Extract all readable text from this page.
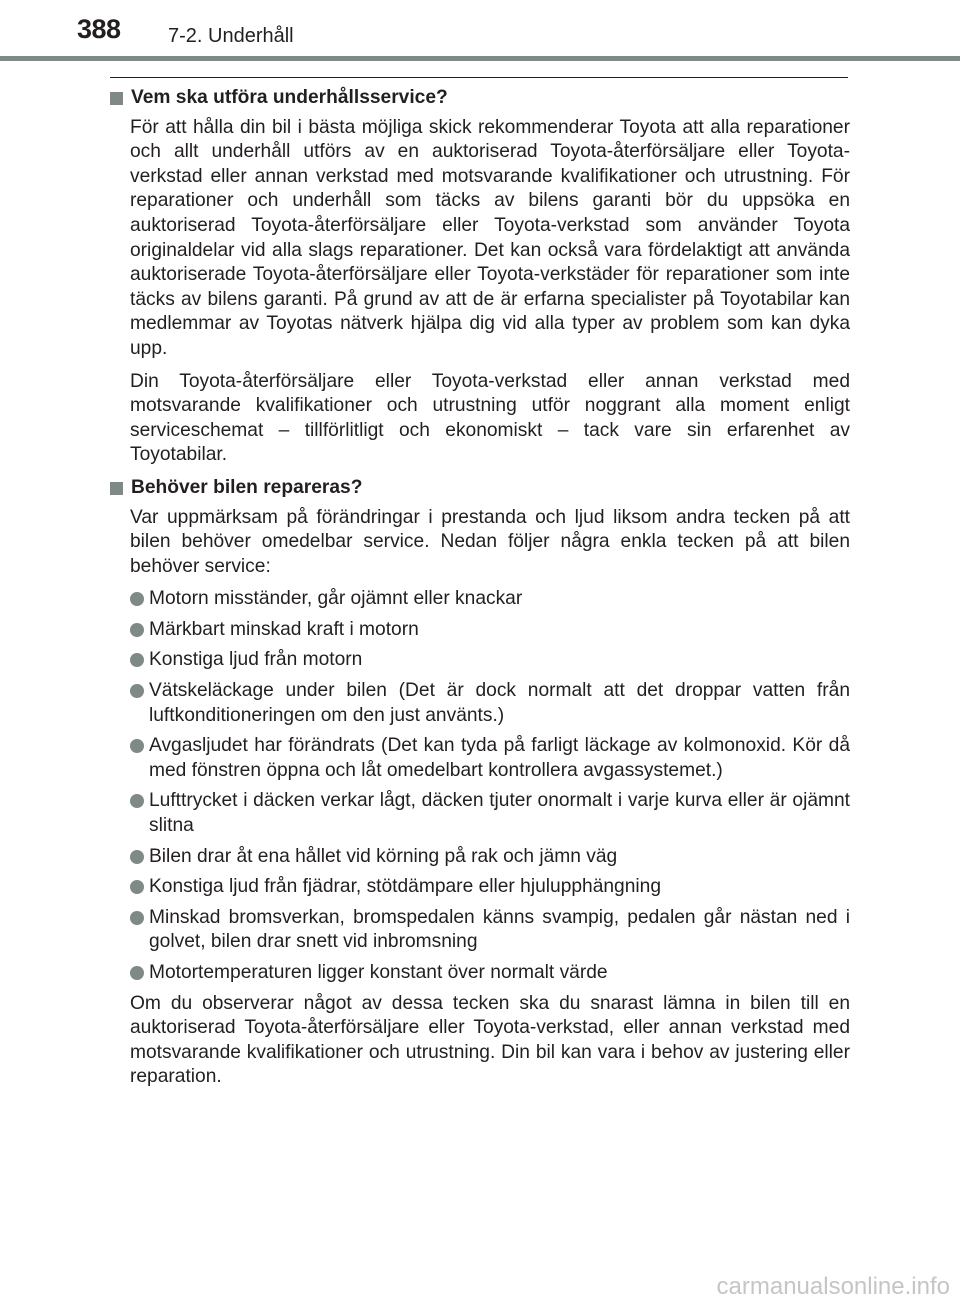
388 7-2. Underhåll
Vem ska utföra underhållsservice?

För att hålla din bil i bästa möjliga skick rekommenderar Toyota att alla reparationer och allt underhåll utförs av en auktoriserad Toyota-återförsäljare eller Toyota-verkstad eller annan verkstad med motsvarande kvalifikationer och utrustning. För reparationer och underhåll som täcks av bilens garanti bör du uppsöka en auktoriserad Toyota-återförsäljare eller Toyota-verkstad som använder Toyota originaldelar vid alla slags reparationer. Det kan också vara fördelaktigt att använda auktoriserade Toyota-återförsäljare eller Toyota-verkstäder för reparationer som inte täcks av bilens garanti. På grund av att de är erfarna specialister på Toyotabilar kan medlemmar av Toyotas nätverk hjälpa dig vid alla typer av problem som kan dyka upp.

Din Toyota-återförsäljare eller Toyota-verkstad eller annan verkstad med motsvarande kvalifikationer och utrustning utför noggrant alla moment enligt serviceschemat – tillförlitligt och ekonomiskt – tack vare sin erfarenhet av Toyotabilar.

Behöver bilen repareras?

Var uppmärksam på förändringar i prestanda och ljud liksom andra tecken på att bilen behöver omedelbar service. Nedan följer några enkla tecken på att bilen behöver service:

Motorn misständer, går ojämnt eller knackar
Märkbart minskad kraft i motorn
Konstiga ljud från motorn
Vätskeläckage under bilen (Det är dock normalt att det droppar vatten från luftkonditioneringen om den just använts.)
Avgasljudet har förändrats (Det kan tyda på farligt läckage av kolmonoxid. Kör då med fönstren öppna och låt omedelbart kontrollera avgassystemet.)
Lufttrycket i däcken verkar lågt, däcken tjuter onormalt i varje kurva eller är ojämnt slitna
Bilen drar åt ena hållet vid körning på rak och jämn väg
Konstiga ljud från fjädrar, stötdämpare eller hjulupphängning
Minskad bromsverkan, bromspedalen känns svampig, pedalen går nästan ned i golvet, bilen drar snett vid inbromsning
Motortemperaturen ligger konstant över normalt värde

Om du observerar något av dessa tecken ska du snarast lämna in bilen till en auktoriserad Toyota-återförsäljare eller Toyota-verkstad, eller annan verkstad med motsvarande kvalifikationer och utrustning. Din bil kan vara i behov av justering eller reparation.

carmanualsonline.info
